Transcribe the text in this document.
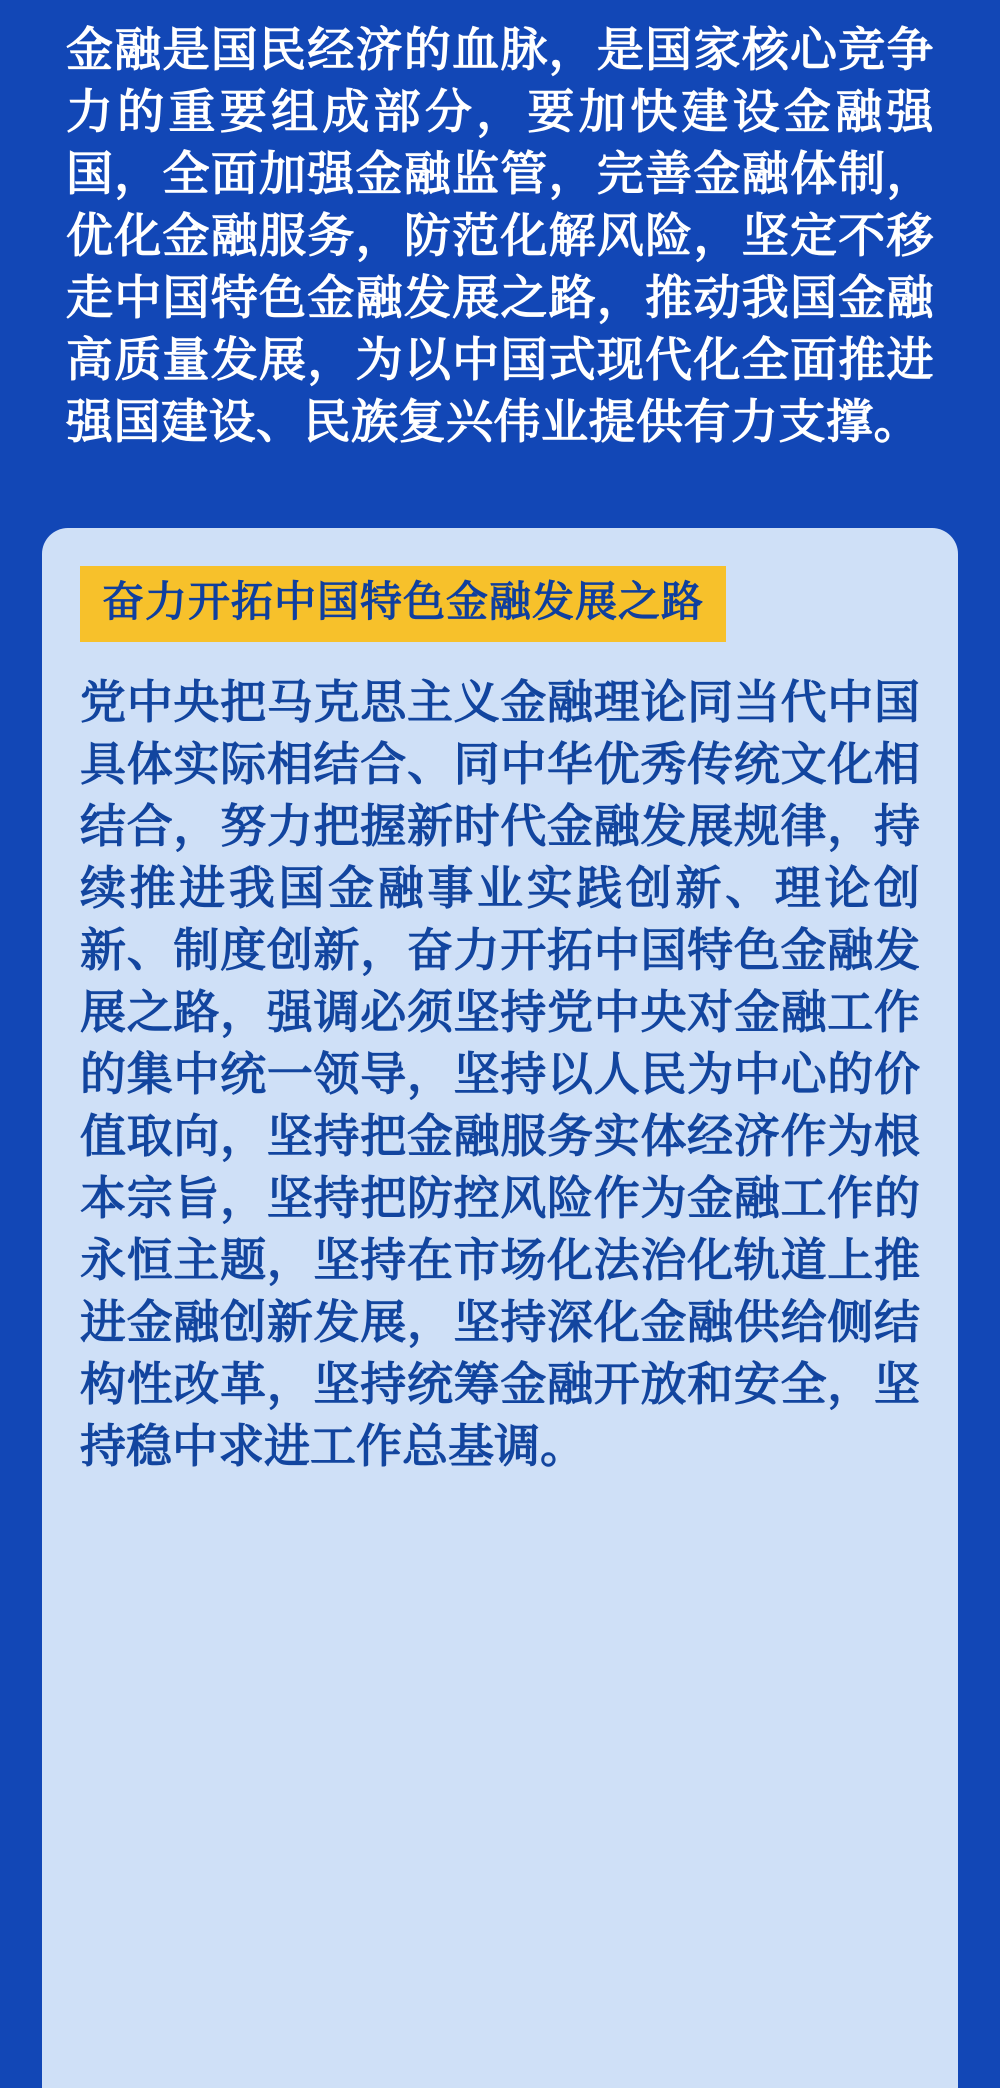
金融是国民经济的血脉，是国家核心竞争力的重要组成部分，要加快建设金融强国，全面加强金融监管，完善金融体制，优化金融服务，防范化解风险，坚定不移走中国特色金融发展之路，推动我国金融高质量发展，为以中国式现代化全面推进强国建设、民族复兴伟业提供有力支撑。
奋力开拓中国特色金融发展之路
党中央把马克思主义金融理论同当代中国具体实际相结合、同中华优秀传统文化相结合，努力把握新时代金融发展规律，持续推进我国金融事业实践创新、理论创新、制度创新，奋力开拓中国特色金融发展之路，强调必须坚持党中央对金融工作的集中统一领导，坚持以人民为中心的价值取向，坚持把金融服务实体经济作为根本宗旨，坚持把防控风险作为金融工作的永恒主题，坚持在市场化法治化轨道上推进金融创新发展，坚持深化金融供给侧结构性改革，坚持统筹金融开放和安全，坚持稳中求进工作总基调。
